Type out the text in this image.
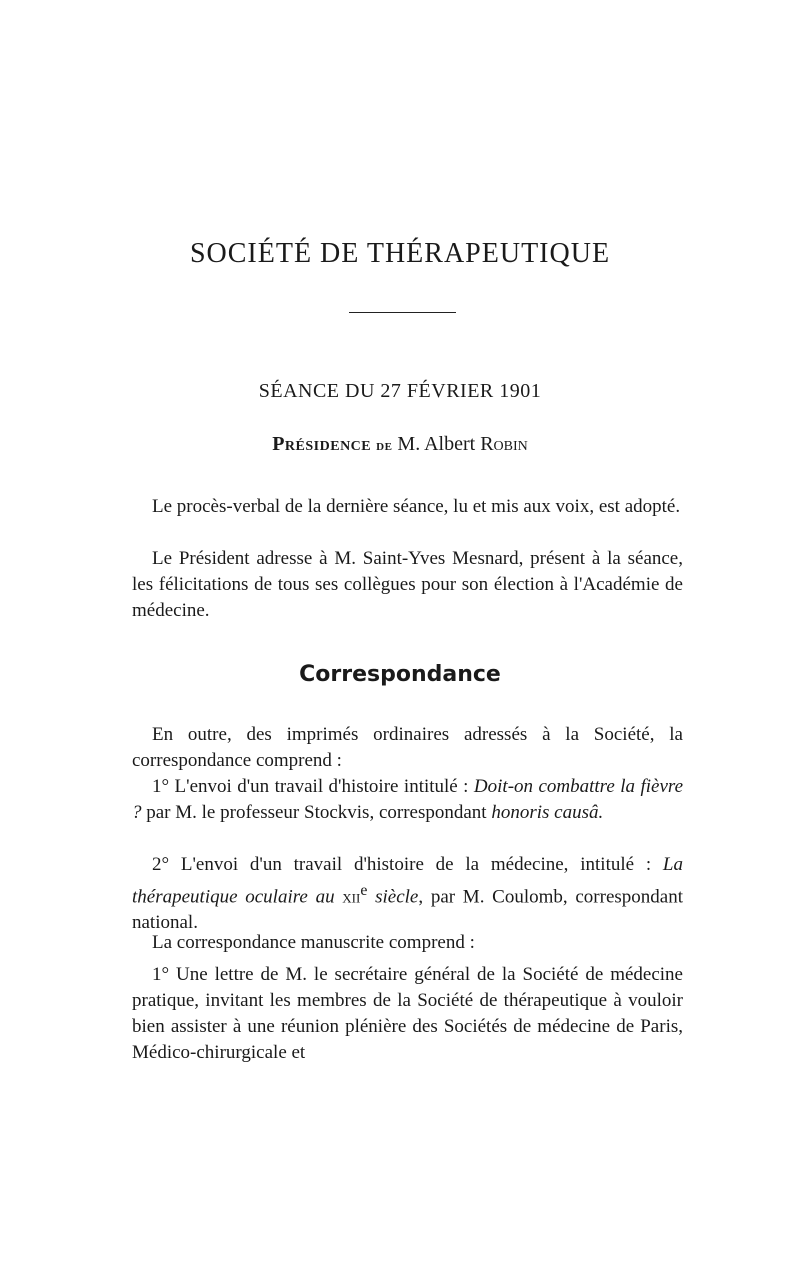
SOCIÉTÉ DE THÉRAPEUTIQUE
SÉANCE DU 27 FÉVRIER 1901

Présidence de M. Albert Robin

Le procès-verbal de la dernière séance, lu et mis aux voix, est adopté.

Le Président adresse à M. Saint-Yves Mesnard, présent à la séance, les félicitations de tous ses collègues pour son élection à l'Académie de médecine.

Correspondance

En outre, des imprimés ordinaires adressés à la Société, la correspondance comprend :

1° L'envoi d'un travail d'histoire intitulé : Doit-on combattre la fièvre ? par M. le professeur Stockvis, correspondant honoris causâ.

2° L'envoi d'un travail d'histoire de la médecine, intitulé : La thérapeutique oculaire au xii$^e$ siècle, par M. Coulomb, correspondant national.

La correspondance manuscrite comprend :

1° Une lettre de M. le secrétaire général de la Société de médecine pratique, invitant les membres de la Société de thérapeutique à vouloir bien assister à une réunion plénière des Sociétés de médecine de Paris, Médico-chirurgicale et
